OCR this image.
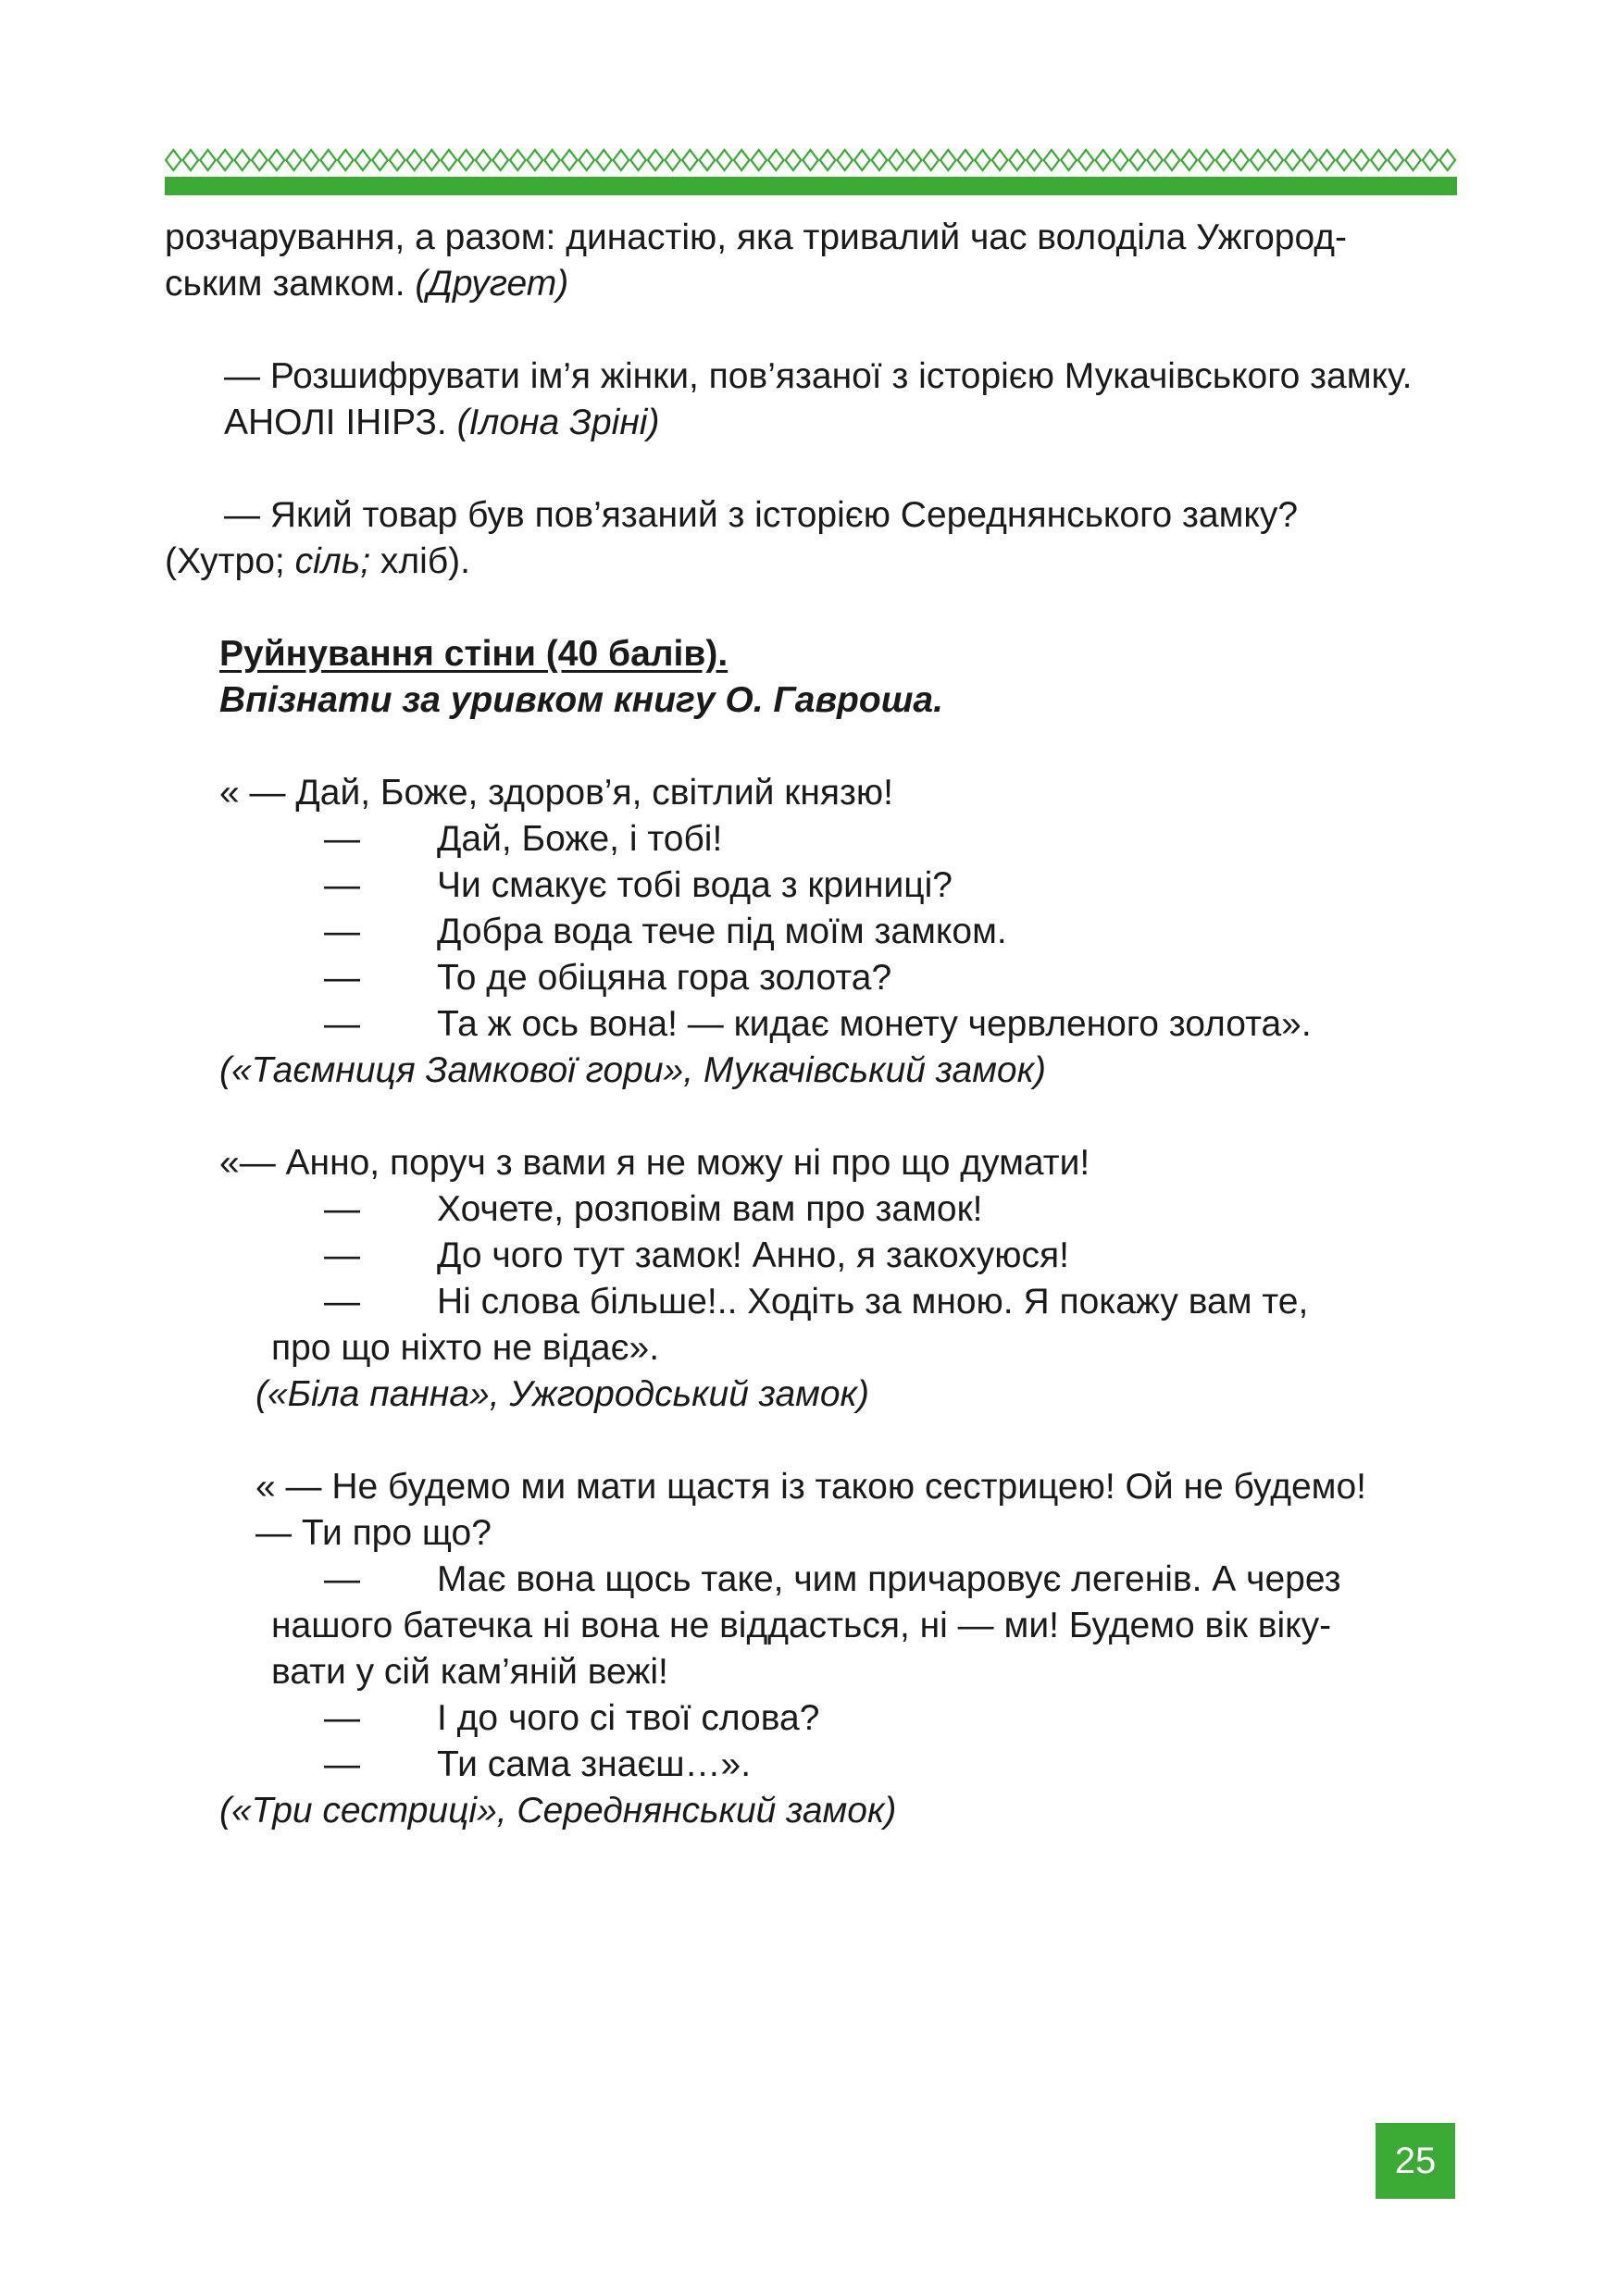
розчарування, а разом: династію, яка тривалий час володіла Ужгород-
ським замком. (Другет)

— Розшифрувати ім’я жінки, пов’язаної з історією Мукачівського замку.

АНОЛІ ІНІРЗ. (Ілона Зріні)

— Який товар був пов’язаний з історією Середнянського замку?

(Хутро; сіль; хліб).

Руйнування стіни (40 балів).

Впізнати за уривком книгу О. Гавроша.

« — Дай, Боже, здоров’я, світлий князю!

—	Дай, Боже, і тобі!
—	Чи смакує тобі вода з криниці?
—	Добра вода тече під моїм замком.
—	То де обіцяна гора золота?
—	Та ж ось вона! — кидає монету червленого золота».

(«Таємниця Замкової гори», Мукачівський замок)

«— Анно, поруч з вами я не можу ні про що думати!

—	Хочете, розповім вам про замок!
—	До чого тут замок! Анно, я закохуюся!
—	Ні слова більше!.. Ходіть за мною. Я покажу вам те,

про що ніхто не відає».

(«Біла панна», Ужгородський замок)

« — Не будемо ми мати щастя із такою сестрицею! Ой не будемо!

— Ти про що?

—	Має вона щось таке, чим причаровує легенів. А через

нашого батечка ні вона не віддасться, ні — ми! Будемо вік віку-

вати у сій кам’яній вежі!

—	І до чого сі твої слова?
—	Ти сама знаєш…».

(«Три сестриці», Середнянський замок)

25
